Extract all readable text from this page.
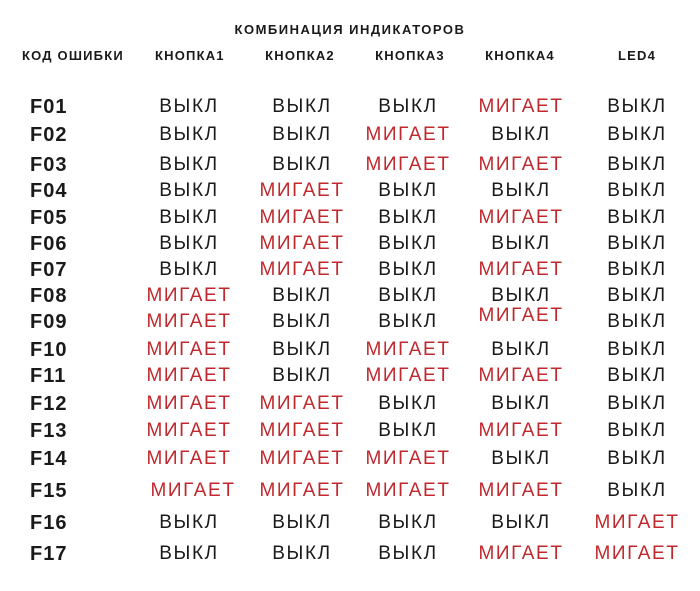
КОМБИНАЦИЯ ИНДИКАТОРОВ
КОД ОШИБКИ КНОПКА1	КНОПКА2	КНОПКА3	КНОПКА4	LED4
F01	ВЫКЛ	ВЫКЛ	ВЫКЛ	МИГАЕТ	ВЫКЛ
F02	ВЫКЛ	ВЫКЛ	МИГАЕТ	ВЫКЛ	ВЫКЛ
F03	ВЫКЛ	ВЫКЛ	МИГАЕТ	МИГАЕТ	ВЫКЛ
F04	ВЫКЛ	МИГАЕТ	ВЫКЛ	ВЫКЛ	ВЫКЛ
F05	ВЫКЛ	МИГАЕТ	ВЫКЛ	МИГАЕТ	ВЫКЛ
F06	ВЫКЛ	МИГАЕТ	ВЫКЛ	ВЫКЛ	ВЫКЛ
F07	ВЫКЛ	МИГАЕТ	ВЫКЛ	МИГАЕТ	ВЫКЛ
F08	МИГАЕТ	ВЫКЛ	ВЫКЛ	ВЫКЛ	ВЫКЛ
F09	МИГАЕТ	ВЫКЛ	ВЫКЛ	МИГАЕТ	ВЫКЛ
F10	МИГАЕТ	ВЫКЛ	МИГАЕТ	ВЫКЛ	ВЫКЛ
F11	МИГАЕТ	ВЫКЛ	МИГАЕТ	МИГАЕТ	ВЫКЛ
F12	МИГАЕТ	МИГАЕТ	ВЫКЛ	ВЫКЛ	ВЫКЛ
F13	МИГАЕТ	МИГАЕТ	ВЫКЛ	МИГАЕТ	ВЫКЛ
F14	МИГАЕТ	МИГАЕТ	МИГАЕТ	ВЫКЛ	ВЫКЛ
F15	МИГАЕТ	МИГАЕТ	МИГАЕТ	МИГАЕТ	ВЫКЛ
F16	ВЫКЛ	ВЫКЛ	ВЫКЛ	ВЫКЛ	МИГАЕТ
F17	ВЫКЛ	ВЫКЛ	ВЫКЛ	МИГАЕТ	МИГАЕТ
